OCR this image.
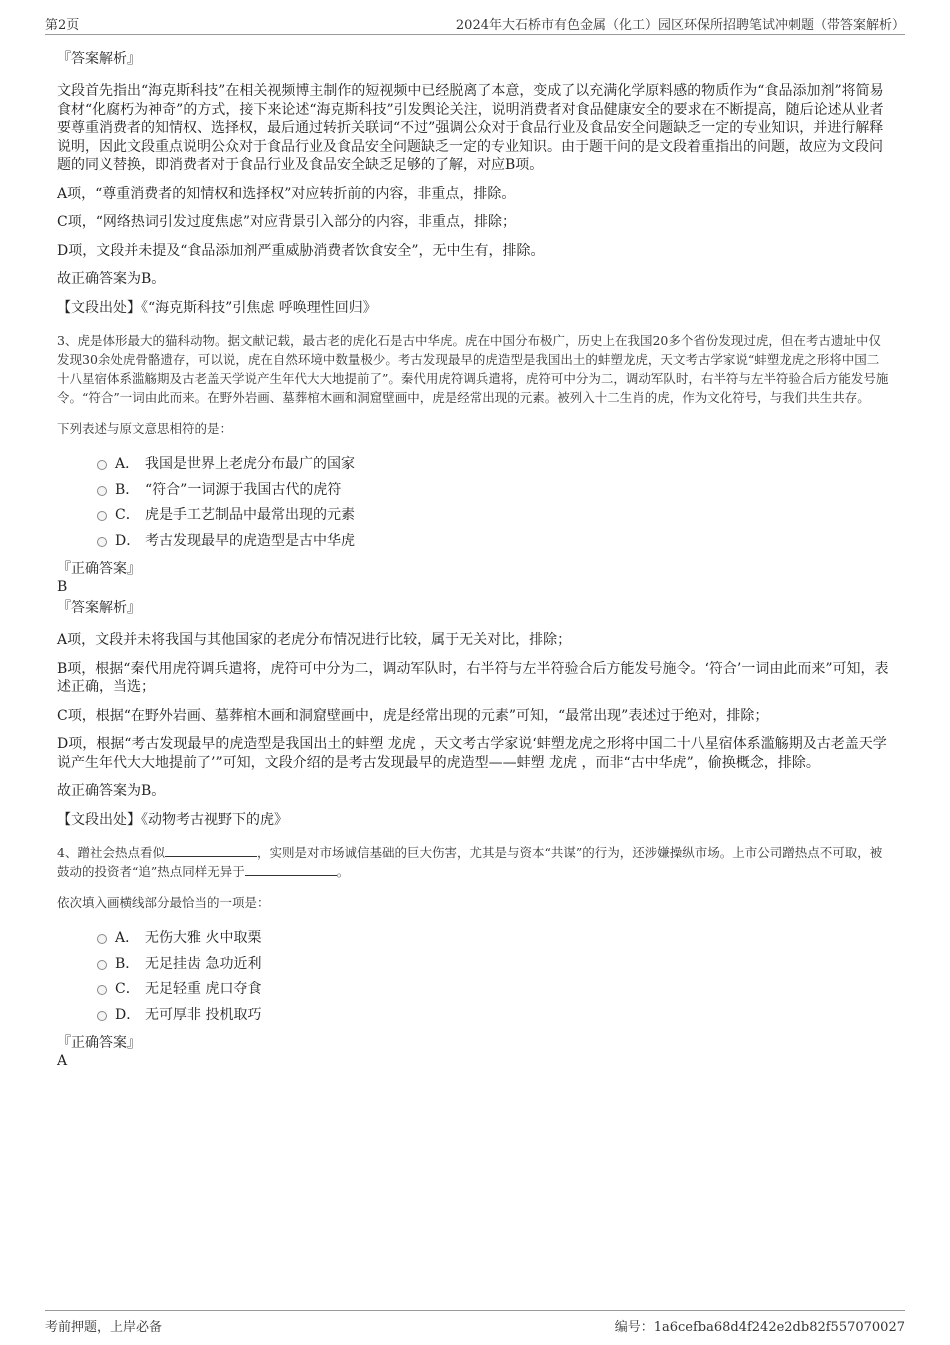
第2页	2024年大石桥市有色金属（化工）园区环保所招聘笔试冲刺题（带答案解析）

『答案解析』

文段首先指出“海克斯科技”在相关视频博主制作的短视频中已经脱离了本意，变成了以充满化学原料感的物质作为“食品添加剂”将简易食材“化腐朽为神奇”的方式，接下来论述“海克斯科技”引发舆论关注，说明消费者对食品健康安全的要求在不断提高，随后论述从业者要尊重消费者的知情权、选择权，最后通过转折关联词“不过”强调公众对于食品行业及食品安全问题缺乏一定的专业知识，并进行解释说明，因此文段重点说明公众对于食品行业及食品安全问题缺乏一定的专业知识。由于题干问的是文段着重指出的问题，故应为文段问题的同义替换，即消费者对于食品行业及食品安全缺乏足够的了解，对应B项。

A项，“尊重消费者的知情权和选择权”对应转折前的内容，非重点，排除。

C项，“网络热词引发过度焦虑”对应背景引入部分的内容，非重点，排除；

D项，文段并未提及“食品添加剂严重威胁消费者饮食安全”，无中生有，排除。

故正确答案为B。

【文段出处】《“海克斯科技”引焦虑 呼唤理性回归》

3、虎是体形最大的猫科动物。据文献记载，最古老的虎化石是古中华虎。虎在中国分布极广，历史上在我国20多个省份发现过虎，但在考古遗址中仅发现30余处虎骨骼遗存，可以说，虎在自然环境中数量极少。考古发现最早的虎造型是我国出土的蚌塑龙虎，天文考古学家说“蚌塑龙虎之形将中国二十八星宿体系滥觞期及古老盖天学说产生年代大大地提前了”。秦代用虎符调兵遣将，虎符可中分为二，调动军队时，右半符与左半符验合后方能发号施令。“符合”一词由此而来。在野外岩画、墓葬棺木画和洞窟壁画中，虎是经常出现的元素。被列入十二生肖的虎，作为文化符号，与我们共生共存。

下列表述与原文意思相符的是：

A． 我国是世界上老虎分布最广的国家
B． “符合”一词源于我国古代的虎符
C． 虎是手工艺制品中最常出现的元素
D． 考古发现最早的虎造型是古中华虎

『正确答案』

B

『答案解析』

A项，文段并未将我国与其他国家的老虎分布情况进行比较，属于无关对比，排除；

B项，根据“秦代用虎符调兵遣将，虎符可中分为二，调动军队时，右半符与左半符验合后方能发号施令。‘符合’一词由此而来”可知，表述正确，当选；

C项，根据“在野外岩画、墓葬棺木画和洞窟壁画中，虎是经常出现的元素”可知，“最常出现”表述过于绝对，排除；

D项，根据“考古发现最早的虎造型是我国出土的蚌塑 龙虎 ，天文考古学家说‘蚌塑龙虎之形将中国二十八星宿体系滥觞期及古老盖天学说产生年代大大地提前了’”可知，文段介绍的是考古发现最早的虎造型——蚌塑 龙虎 ，而非“古中华虎”，偷换概念，排除。

故正确答案为B。

【文段出处】《动物考古视野下的虎》

4、蹭社会热点看似	，实则是对市场诚信基础的巨大伤害，尤其是与资本“共谋”的行为，还涉嫌操纵市场。上市公司蹭热点不可取，被鼓动的投资者“追”热点同样无异于	。

依次填入画横线部分最恰当的一项是：

A． 无伤大雅 火中取栗
B． 无足挂齿 急功近利
C． 无足轻重 虎口夺食
D． 无可厚非 投机取巧

『正确答案』

A

考前押题，上岸必备	编号：1a6cefba68d4f242e2db82f557070027
